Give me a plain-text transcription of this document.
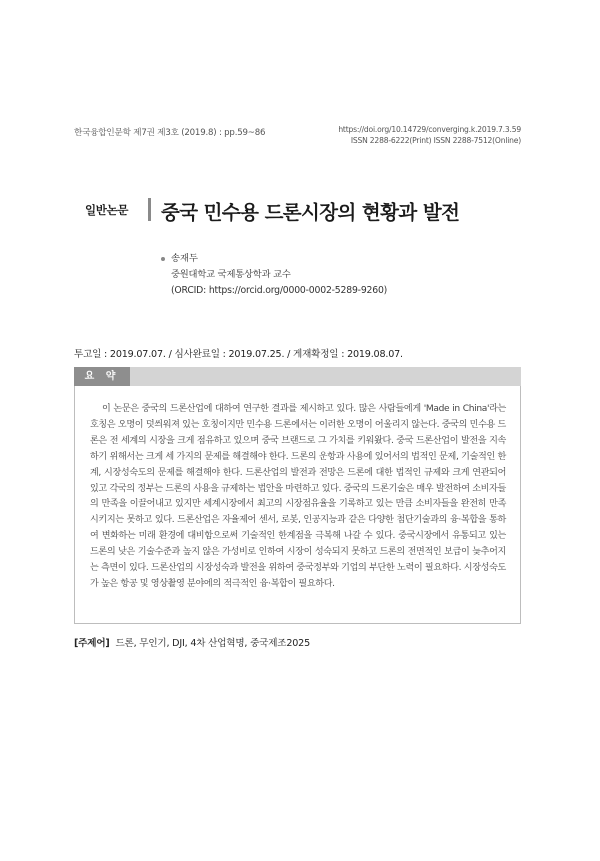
한국융합인문학 제7권 제3호 (2019.8) : pp.59~86	https://doi.org/10.14729/converging.k.2019.7.3.59
ISSN 2288-6222(Print) ISSN 2288-7512(Online)
일반논문 중국 민수용 드론시장의 현황과 발전
송재두
중원대학교 국제통상학과 교수
(ORCID: https://orcid.org/0000-0002-5289-9260)
투고일 : 2019.07.07. / 심사완료일 : 2019.07.25. / 게재확정일 : 2019.08.07.
요 약

이 논문은 중국의 드론산업에 대하여 연구한 결과를 제시하고 있다. 많은 사람들에게 'Made in China'라는 호칭은 오명이 덧씌워져 있는 호칭이지만 민수용 드론에서는 이러한 오명이 어울리지 않는다. 중국의 민수용 드론은 전 세계의 시장을 크게 점유하고 있으며 중국 브랜드로 그 가치를 키워왔다. 중국 드론산업이 발전을 지속하기 위해서는 크게 세 가지의 문제를 해결해야 한다. 드론의 운항과 사용에 있어서의 법적인 문제, 기술적인 한계, 시장성숙도의 문제를 해결해야 한다. 드론산업의 발전과 전망은 드론에 대한 법적인 규제와 크게 연관되어있고 각국의 정부는 드론의 사용을 규제하는 법안을 마련하고 있다. 중국의 드론기술은 매우 발전하여 소비자들의 만족을 이끌어내고 있지만 세계시장에서 최고의 시장점유율을 기록하고 있는 만큼 소비자들을 완전히 만족시키지는 못하고 있다. 드론산업은 자율제어 센서, 로봇, 인공지능과 같은 다양한 첨단기술과의 융·복합을 통하여 변화하는 미래 환경에 대비함으로써 기술적인 한계점을 극복해 나갈 수 있다. 중국시장에서 유통되고 있는 드론의 낮은 기술수준과 높지 않은 가성비로 인하여 시장이 성숙되지 못하고 드론의 전면적인 보급이 늦추어지는 측면이 있다. 드론산업의 시장성숙과 발전을 위하여 중국정부와 기업의 부단한 노력이 필요하다. 시장성숙도가 높은 항공 및 영상촬영 분야에의 적극적인 융·복합이 필요하다.

[주제어] 드론, 무인기, DJI, 4차 산업혁명, 중국제조2025
